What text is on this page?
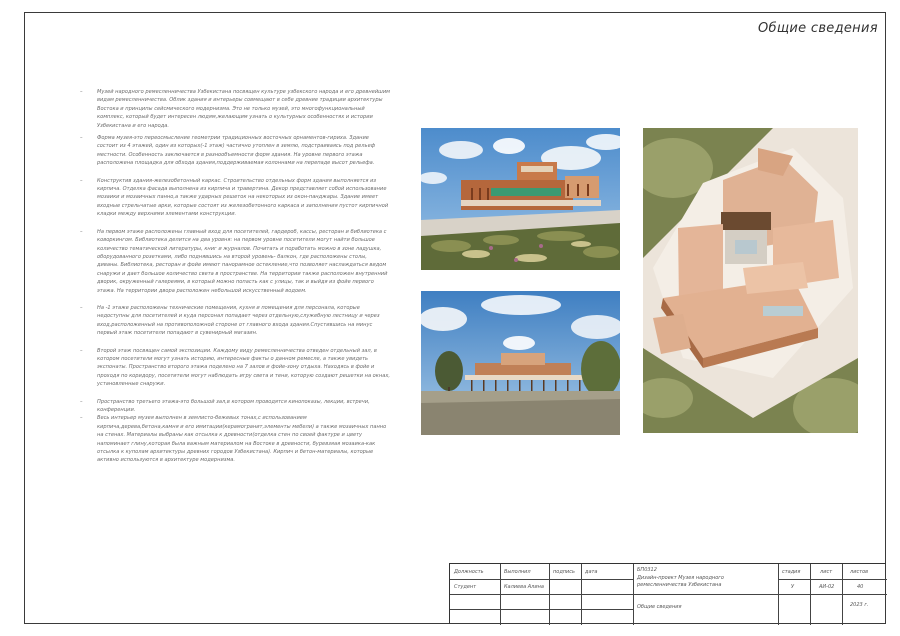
Общие сведения

–	Музей народного ремесленничества Узбекистана посвящен культуре узбекского народа и его древнейшим видам ремесленничества. Облик здания и интерьеры совмещают в себе древние традиции архитектуры Востока и принципы сейсмического модернизма. Это не только музей, это многофункциональный комплекс, который будет интересен людям,желающим узнать о культурных особенностях и истории Узбекистана и его народа.

–	Форма музея-это переосмысление геометрии традиционных восточных орнаментов-гириха. Здание состоит из 4 этажей, один из которых(-1 этаж) частично утоплен в землю, подстраиваясь под рельеф местности. Особенность заключается в разнообъемности форм здания. На уровне первого этажа расположена площадка для обхода здания,поддерживаемая колоннами на перепаде высот рельефа.

–	Конструктив здания-железобетонный каркас. Строительство отдельных форм здания выполняется из кирпича. Отделка фасада выполнена из кирпича и травертина. Декор представляет собой использование мозаики и мозаичных панно,а также ударных решеток на некоторых из окон-панджары. Здание имеет входные стрельчатые арки, которые состоят из железобетонного каркаса и заполнения пустот кирпичной кладки между верхними элементами конструкции.

–	На первом этаже расположены главный вход для посетителей, гардероб, кассы, ресторан и библиотека с коворкингом. Библиотека делится на два уровня: на первом уровне посетители могут найти большое количество тематической литературы, книг и журналов. Почитать и поработать можно в зоне ладушка, оборудованного розетками, либо поднявшись на второй уровень- балкон, где расположены столы, диваны. Библиотека, ресторан и фойе имеют панорамное остекление,что позволяет наслаждаться видом снаружи и дает большое количество света в пространстве. На территории также расположен внутренний дворик, окруженный галереями, в который можно попасть как с улицы, так и выйдя из фойе первого этажа. На территории двора расположен небольшой искусственный водоем.

–	На -1 этаже расположены технические помещения, кухня и помещения для персонала, которые недоступны для посетителей и куда персонал попадает через отдельную,служебную лестницу и через вход,расположенный на противоположной стороне от главного входа здания.Спустившись на минус первый этаж посетители попадают в сувенирный магазин.

–	Второй этаж посвящен самой экспозиции. Каждому виду ремесленничества отведен отдельный зал, в котором посетители могут узнать историю, интересные факты о данном ремесле, а также увидеть экспонаты. Пространство второго этажа поделено на 7 залов и фойе-зону отдыха. Находясь в фойе и проходя по коридору, посетители могут наблюдать игру света и тени, которую создают решетки на окнах, установленные снаружи.

–	Пространство третьего этажа-это большой зал,в котором проводятся кинопоказы, лекции, встречи, конференции.

–	Весь интерьер музея выполнен в землисто-бежевых тонах,с использованием кирпича,дерева,бетона,камня и его имитации(керамогранит,элементы мебели) а также мозаичных панно на стенах. Материалы выбраны как отсылка к древности(отделка стен по своей фактуре и цвету напоминает глину,которая была важным материалом на Востоке в древности, буревзяая мозаика-как отсылка к куполам архитектуры древних городов Узбекистана). Кирпич и бетон-материалы, которые активно используются в архитектуре модернизма.

Должность	Выполнил	подпись дата
Студент	Калиева Алина
БП0312
Дизайн-проект Музея народного ремесленничества Узбекистана
стадия	лист	листов
У	АИ-02	40
Общие сведения	2023 г.
